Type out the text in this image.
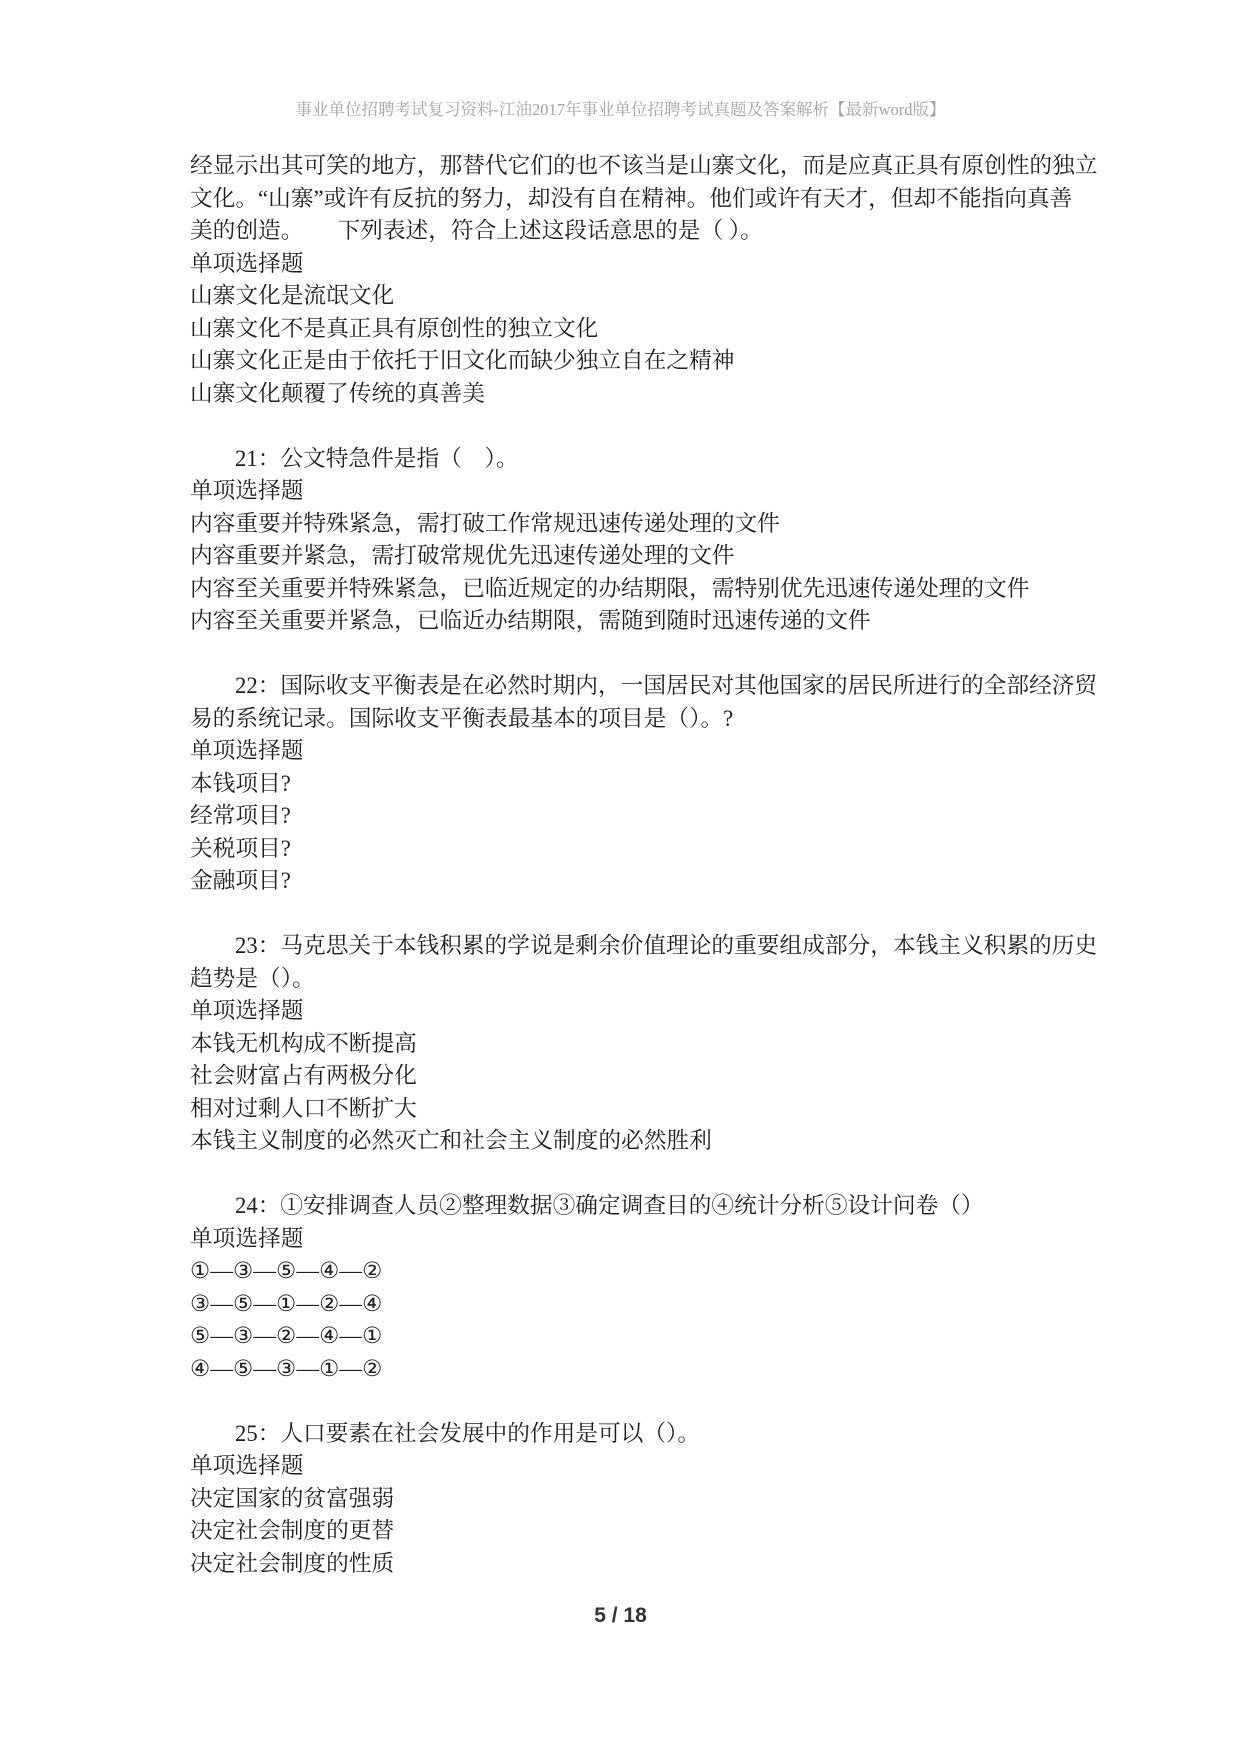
事业单位招聘考试复习资料-江油2017年事业单位招聘考试真题及答案解析【最新word版】
经显示出其可笑的地方，那替代它们的也不该当是山寨文化，而是应真正具有原创性的独立
文化。“山寨”或许有反抗的努力，却没有自在精神。他们或许有天才，但却不能指向真善
美的创造。　　下列表述，符合上述这段话意思的是（ ）。
单项选择题
山寨文化是流氓文化
山寨文化不是真正具有原创性的独立文化
山寨文化正是由于依托于旧文化而缺少独立自在之精神
山寨文化颠覆了传统的真善美
21：公文特急件是指（　）。
单项选择题
内容重要并特殊紧急，需打破工作常规迅速传递处理的文件
内容重要并紧急，需打破常规优先迅速传递处理的文件
内容至关重要并特殊紧急，已临近规定的办结期限，需特别优先迅速传递处理的文件
内容至关重要并紧急，已临近办结期限，需随到随时迅速传递的文件
22：国际收支平衡表是在必然时期内，一国居民对其他国家的居民所进行的全部经济贸
易的系统记录。国际收支平衡表最基本的项目是（）。?
单项选择题
本钱项目?
经常项目?
关税项目?
金融项目?
23：马克思关于本钱积累的学说是剩余价值理论的重要组成部分，本钱主义积累的历史
趋势是（）。
单项选择题
本钱无机构成不断提高
社会财富占有两极分化
相对过剩人口不断扩大
本钱主义制度的必然灭亡和社会主义制度的必然胜利
24：①安排调查人员②整理数据③确定调查目的④统计分析⑤设计问卷（）
单项选择题
①—③—⑤—④—②
③—⑤—①—②—④
⑤—③—②—④—①
④—⑤—③—①—②
25：人口要素在社会发展中的作用是可以（）。
单项选择题
决定国家的贫富强弱
决定社会制度的更替
决定社会制度的性质
5 / 18
